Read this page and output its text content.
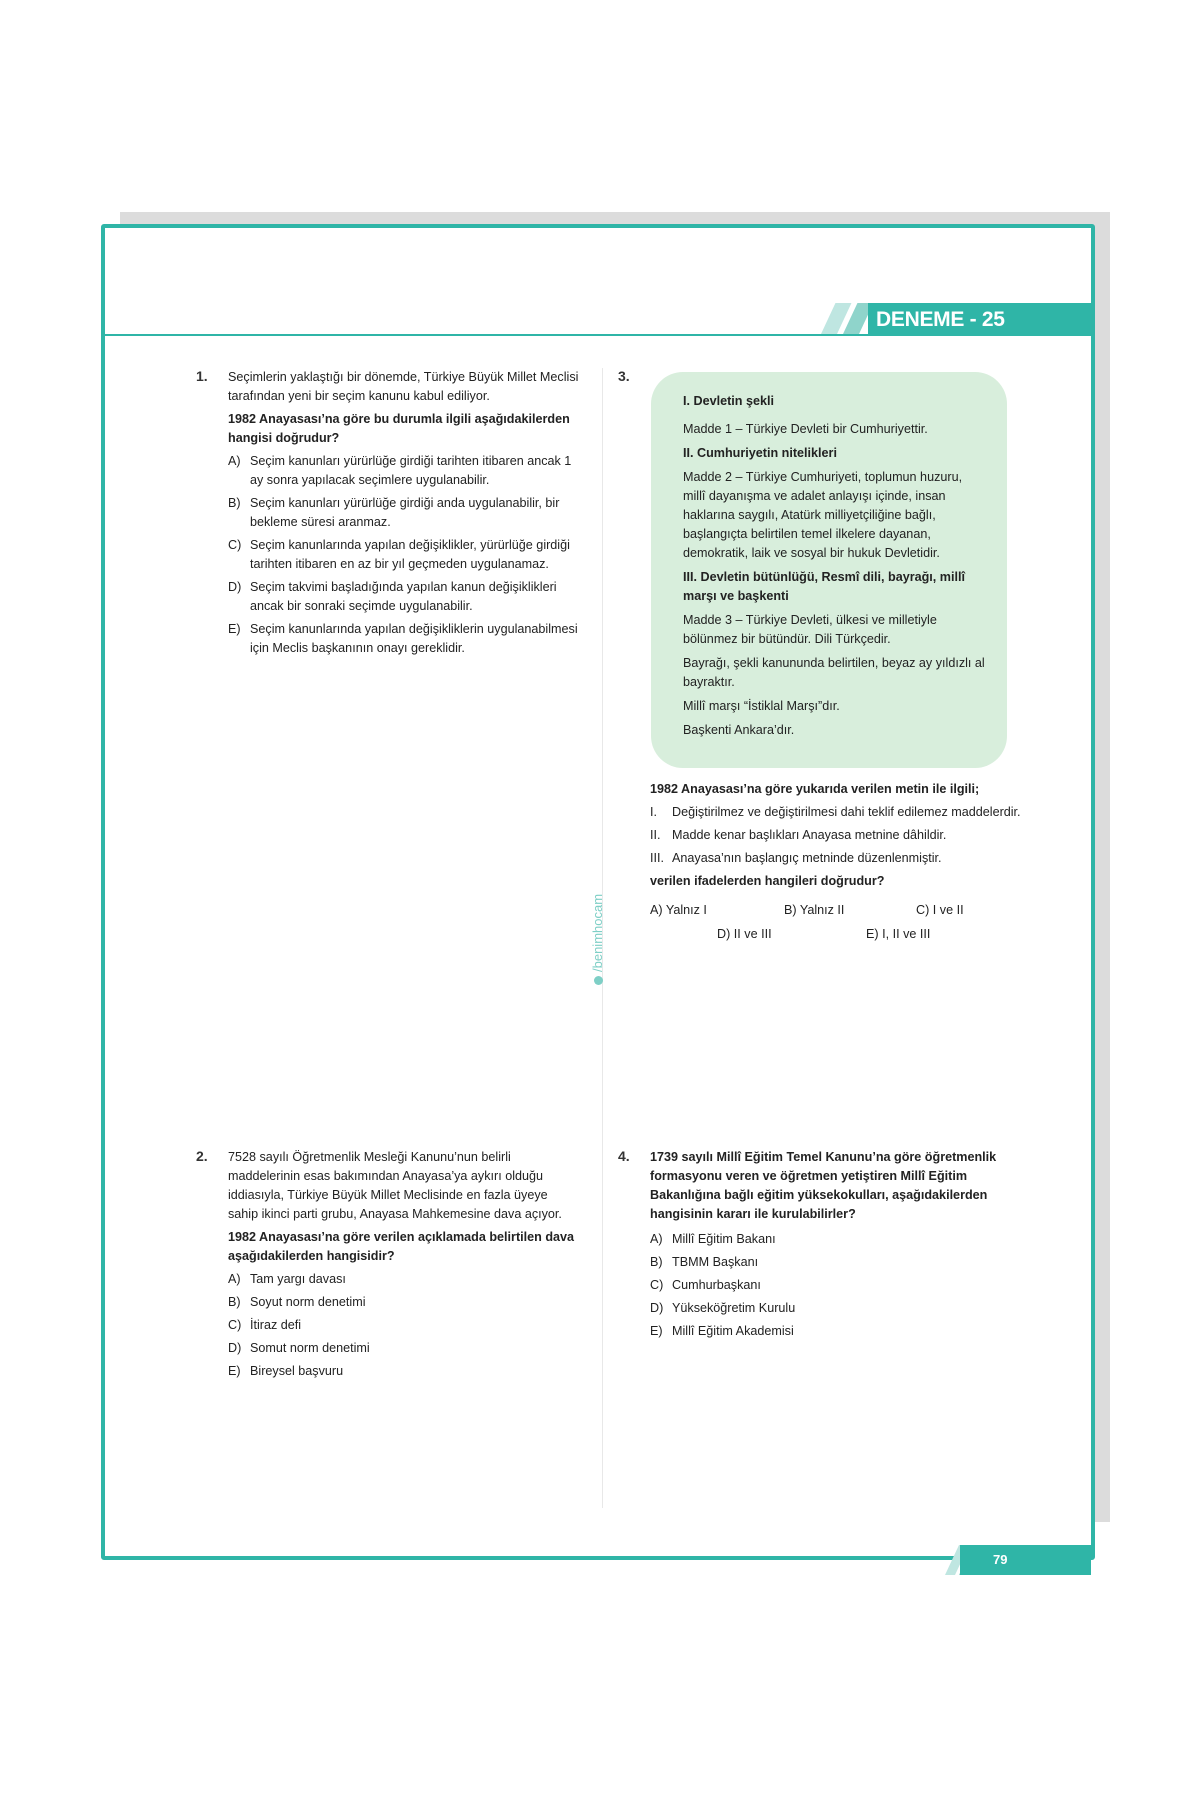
DENEME - 25
/benimhocam
1. Seçimlerin yaklaştığı bir dönemde, Türkiye Büyük Millet Meclisi tarafından yeni bir seçim kanunu kabul ediliyor.

1982 Anayasası’na göre bu durumla ilgili aşağıdakilerden hangisi doğrudur?

A) Seçim kanunları yürürlüğe girdiği tarihten itibaren ancak 1 ay sonra yapılacak seçimlere uygulanabilir.
B) Seçim kanunları yürürlüğe girdiği anda uygulanabilir, bir bekleme süresi aranmaz.
C) Seçim kanunlarında yapılan değişiklikler, yürürlüğe girdiği tarihten itibaren en az bir yıl geçmeden uygulanamaz.
D) Seçim takvimi başladığında yapılan kanun değişiklikleri ancak bir sonraki seçimde uygulanabilir.
E) Seçim kanunlarında yapılan değişikliklerin uygulanabilmesi için Meclis başkanının onayı gereklidir.
2. 7528 sayılı Öğretmenlik Mesleği Kanunu’nun belirli maddelerinin esas bakımından Anayasa’ya aykırı olduğu iddiasıyla, Türkiye Büyük Millet Meclisinde en fazla üyeye sahip ikinci parti grubu, Anayasa Mahkemesine dava açıyor.

1982 Anayasası’na göre verilen açıklamada belirtilen dava aşağıdakilerden hangisidir?

A) Tam yargı davası
B) Soyut norm denetimi
C) İtiraz defi
D) Somut norm denetimi
E) Bireysel başvuru
3.

I. Devletin şekli

Madde 1 – Türkiye Devleti bir Cumhuriyettir.

II. Cumhuriyetin nitelikleri

Madde 2 – Türkiye Cumhuriyeti, toplumun huzuru, millî dayanışma ve adalet anlayışı içinde, insan haklarına saygılı, Atatürk milliyetçiliğine bağlı, başlangıçta belirtilen temel ilkelere dayanan, demokratik, laik ve sosyal bir hukuk Devletidir.

III. Devletin bütünlüğü, Resmî dili, bayrağı, millî marşı ve başkenti

Madde 3 – Türkiye Devleti, ülkesi ve milletiyle bölünmez bir bütündür. Dili Türkçedir.

Bayrağı, şekli kanununda belirtilen, beyaz ay yıldızlı al bayraktır.

Millî marşı “İstiklal Marşı”dır.

Başkenti Ankara’dır.

1982 Anayasası’na göre yukarıda verilen metin ile ilgili;

I.	Değiştirilmez ve değiştirilmesi dahi teklif edilemez maddelerdir.
II. Madde kenar başlıkları Anayasa metnine dâhildir.
III. Anayasa’nın başlangıç metninde düzenlenmiştir.

verilen ifadelerden hangileri doğrudur?

A) Yalnız I	B) Yalnız II	C) I ve II
D) II ve III	E) I, II ve III
4. 1739 sayılı Millî Eğitim Temel Kanunu’na göre öğretmenlik formasyonu veren ve öğretmen yetiştiren Millî Eğitim Bakanlığına bağlı eğitim yüksekokulları, aşağıdakilerden hangisinin kararı ile kurulabilirler?

A) Millî Eğitim Bakanı
B) TBMM Başkanı
C) Cumhurbaşkanı
D) Yükseköğretim Kurulu
E) Millî Eğitim Akademisi
79
